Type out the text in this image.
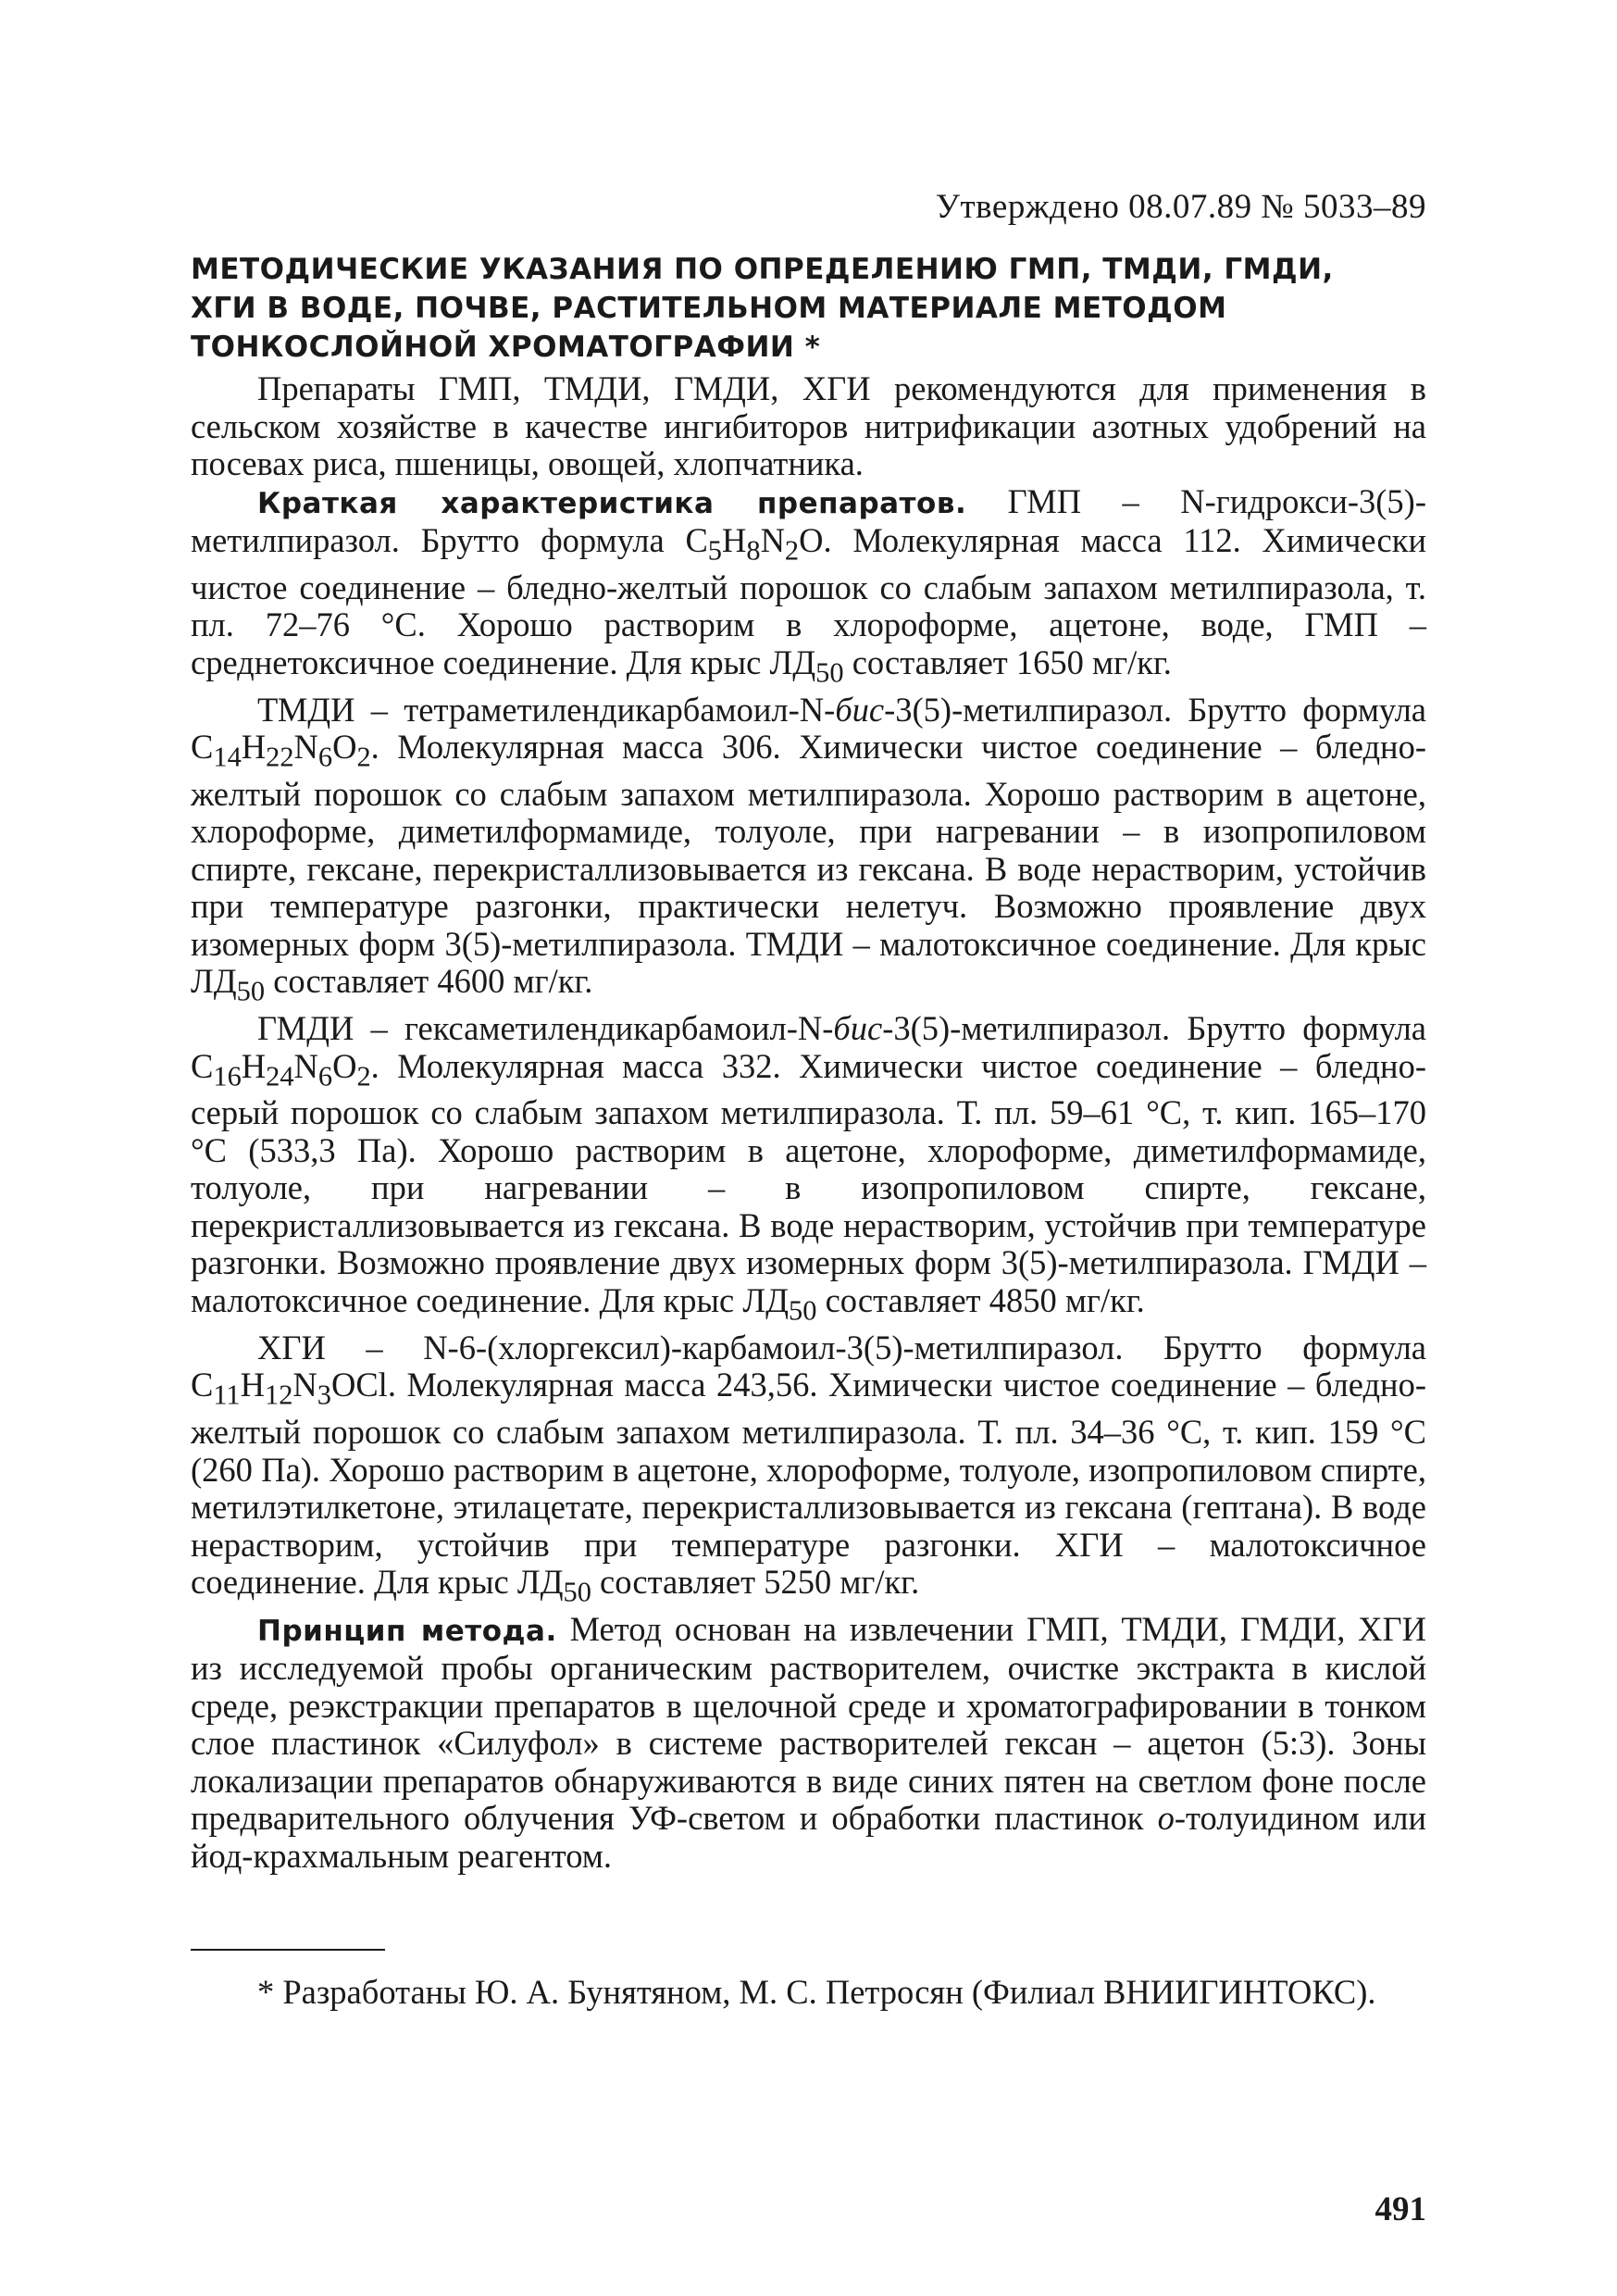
Утверждено 08.07.89 № 5033–89
МЕТОДИЧЕСКИЕ УКАЗАНИЯ ПО ОПРЕДЕЛЕНИЮ ГМП, ТМДИ, ГМДИ,
ХГИ В ВОДЕ, ПОЧВЕ, РАСТИТЕЛЬНОМ МАТЕРИАЛЕ МЕТОДОМ
ТОНКОСЛОЙНОЙ ХРОМАТОГРАФИИ *

Препараты ГМП, ТМДИ, ГМДИ, ХГИ рекомендуются для применения в сельском хозяйстве в качестве ингибиторов нитрификации азотных удобрений на посевах риса, пшеницы, овощей, хлопчатника.

Краткая характеристика препаратов. ГМП – N-гидрокси-3(5)-метилпиразол. Брутто формула $C_5H_8N_2O$. Молекулярная масса 112. Химически чистое соединение – бледно-желтый порошок со слабым запахом метилпиразола, т. пл. 72–76 °С. Хорошо растворим в хлороформе, ацетоне, воде, ГМП – среднетоксичное соединение. Для крыс $ЛД_{50}$ составляет 1650 мг/кг.

ТМДИ – тетраметилендикарбамоил-N-бис-3(5)-метилпиразол. Брутто формула $C_{14}H_{22}N_6O_2$. Молекулярная масса 306. Химически чистое соединение – бледно-желтый порошок со слабым запахом метилпиразола. Хорошо растворим в ацетоне, хлороформе, диметилформамиде, толуоле, при нагревании – в изопропиловом спирте, гексане, перекристаллизовывается из гексана. В воде нерастворим, устойчив при температуре разгонки, практически нелетуч. Возможно проявление двух изомерных форм 3(5)-метилпиразола. ТМДИ – малотоксичное соединение. Для крыс $ЛД_{50}$ составляет 4600 мг/кг.

ГМДИ – гексаметилендикарбамоил-N-бис-3(5)-метилпиразол. Брутто формула $C_{16}H_{24}N_6O_2$. Молекулярная масса 332. Химически чистое соединение – бледно-серый порошок со слабым запахом метилпиразола. Т. пл. 59–61 °С, т. кип. 165–170 °С (533,3 Па). Хорошо растворим в ацетоне, хлороформе, диметилформамиде, толуоле, при нагревании – в изопропиловом спирте, гексане, перекристаллизовывается из гексана. В воде нерастворим, устойчив при температуре разгонки. Возможно проявление двух изомерных форм 3(5)-метилпиразола. ГМДИ – малотоксичное соединение. Для крыс $ЛД_{50}$ составляет 4850 мг/кг.

ХГИ – N-6-(хлоргексил)-карбамоил-3(5)-метилпиразол. Брутто формула $C_{11}H_{12}N_3OCl$. Молекулярная масса 243,56. Химически чистое соединение – бледно-желтый порошок со слабым запахом метилпиразола. Т. пл. 34–36 °С, т. кип. 159 °С (260 Па). Хорошо растворим в ацетоне, хлороформе, толуоле, изопропиловом спирте, метилэтилкетоне, этилацетате, перекристаллизовывается из гексана (гептана). В воде нерастворим, устойчив при температуре разгонки. ХГИ – малотоксичное соединение. Для крыс $ЛД_{50}$ составляет 5250 мг/кг.

Принцип метода. Метод основан на извлечении ГМП, ТМДИ, ГМДИ, ХГИ из исследуемой пробы органическим растворителем, очистке экстракта в кислой среде, реэкстракции препаратов в щелочной среде и хроматографировании в тонком слое пластинок «Силуфол» в системе растворителей гексан – ацетон (5:3). Зоны локализации препаратов обнаруживаются в виде синих пятен на светлом фоне после предварительного облучения УФ-светом и обработки пластинок о-толуидином или йод-крахмальным реагентом.

* Разработаны Ю. А. Бунятяном, М. С. Петросян (Филиал ВНИИГИНТОКС).

491
